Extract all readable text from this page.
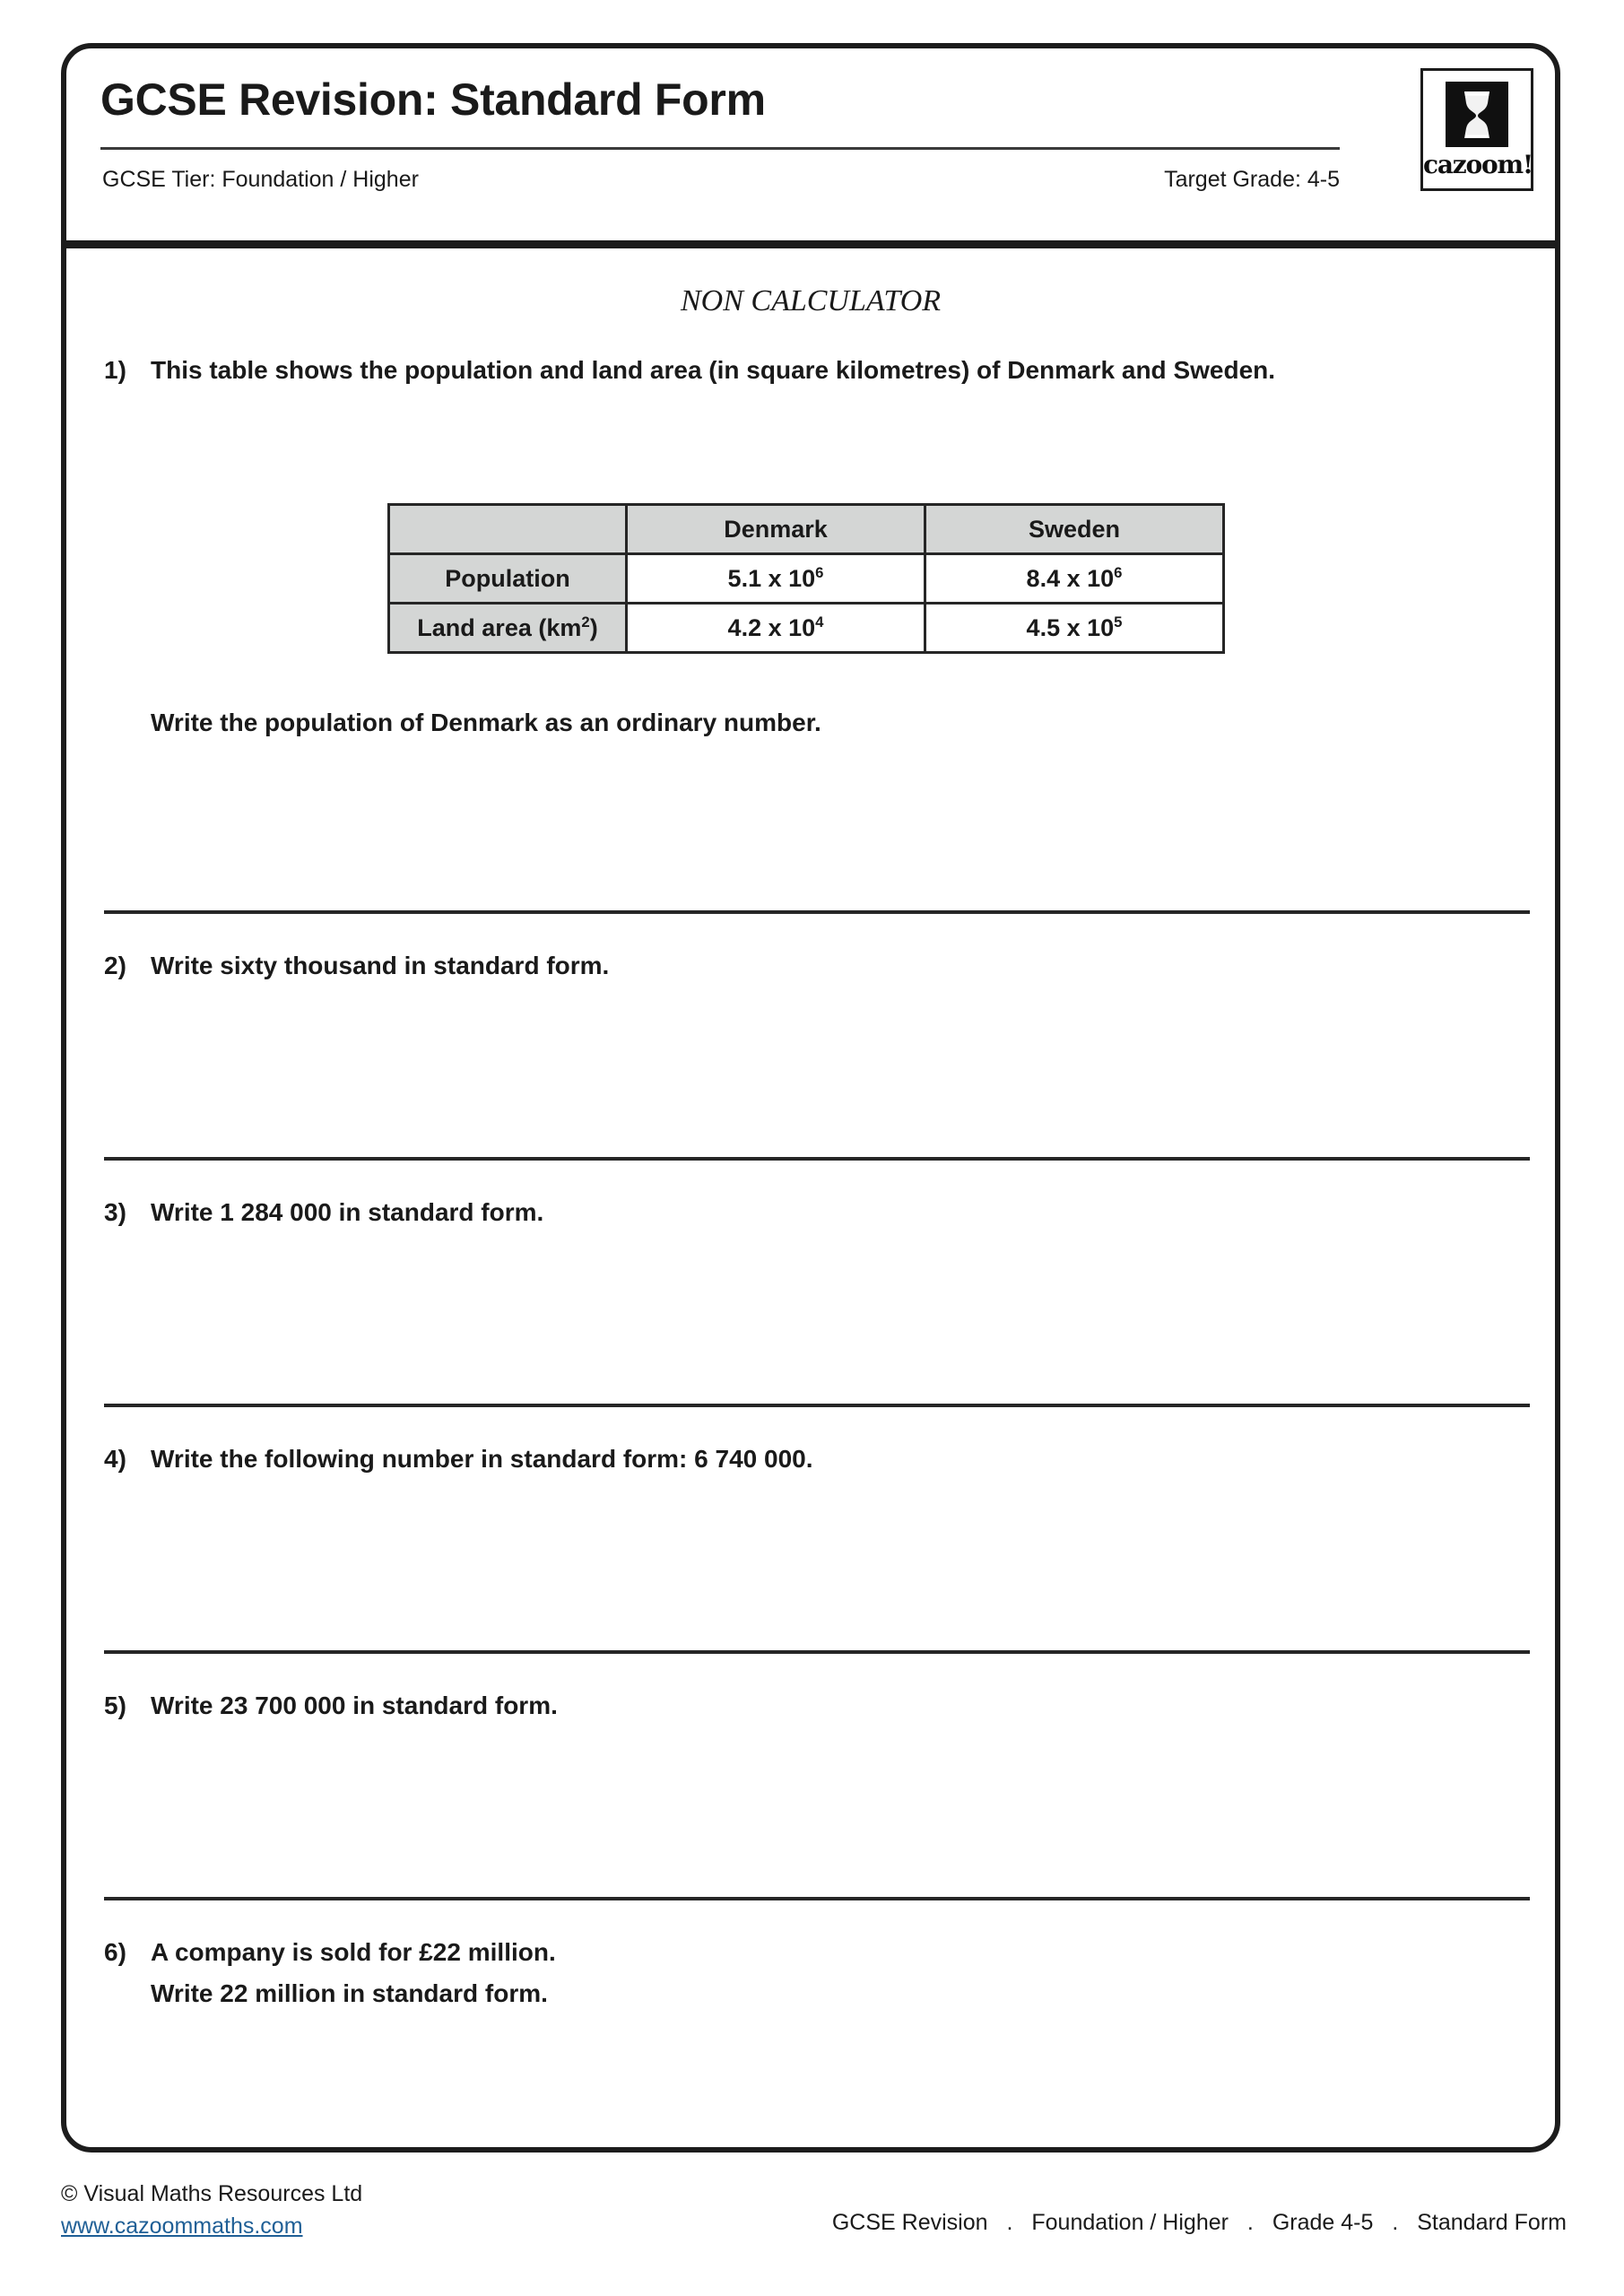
GCSE Revision: Standard Form
GCSE Tier: Foundation / Higher	Target Grade: 4-5	cazoom!
NON CALCULATOR
1) This table shows the population and land area (in square kilometres) of Denmark and Sweden.
	Denmark	Sweden
Population	5.1 x $10^6$	8.4 x $10^6$
Land area $(km^2)$	4.2 x $10^4$	4.5 x $10^5$
Write the population of Denmark as an ordinary number.
2) Write sixty thousand in standard form.
3) Write 1 284 000 in standard form.
4) Write the following number in standard form: 6 740 000.
5) Write 23 700 000 in standard form.
6) A company is sold for £22 million.
Write 22 million in standard form.
© Visual Maths Resources Ltd
www.cazoommaths.com	GCSE Revision . Foundation / Higher . Grade 4-5 . Standard Form
